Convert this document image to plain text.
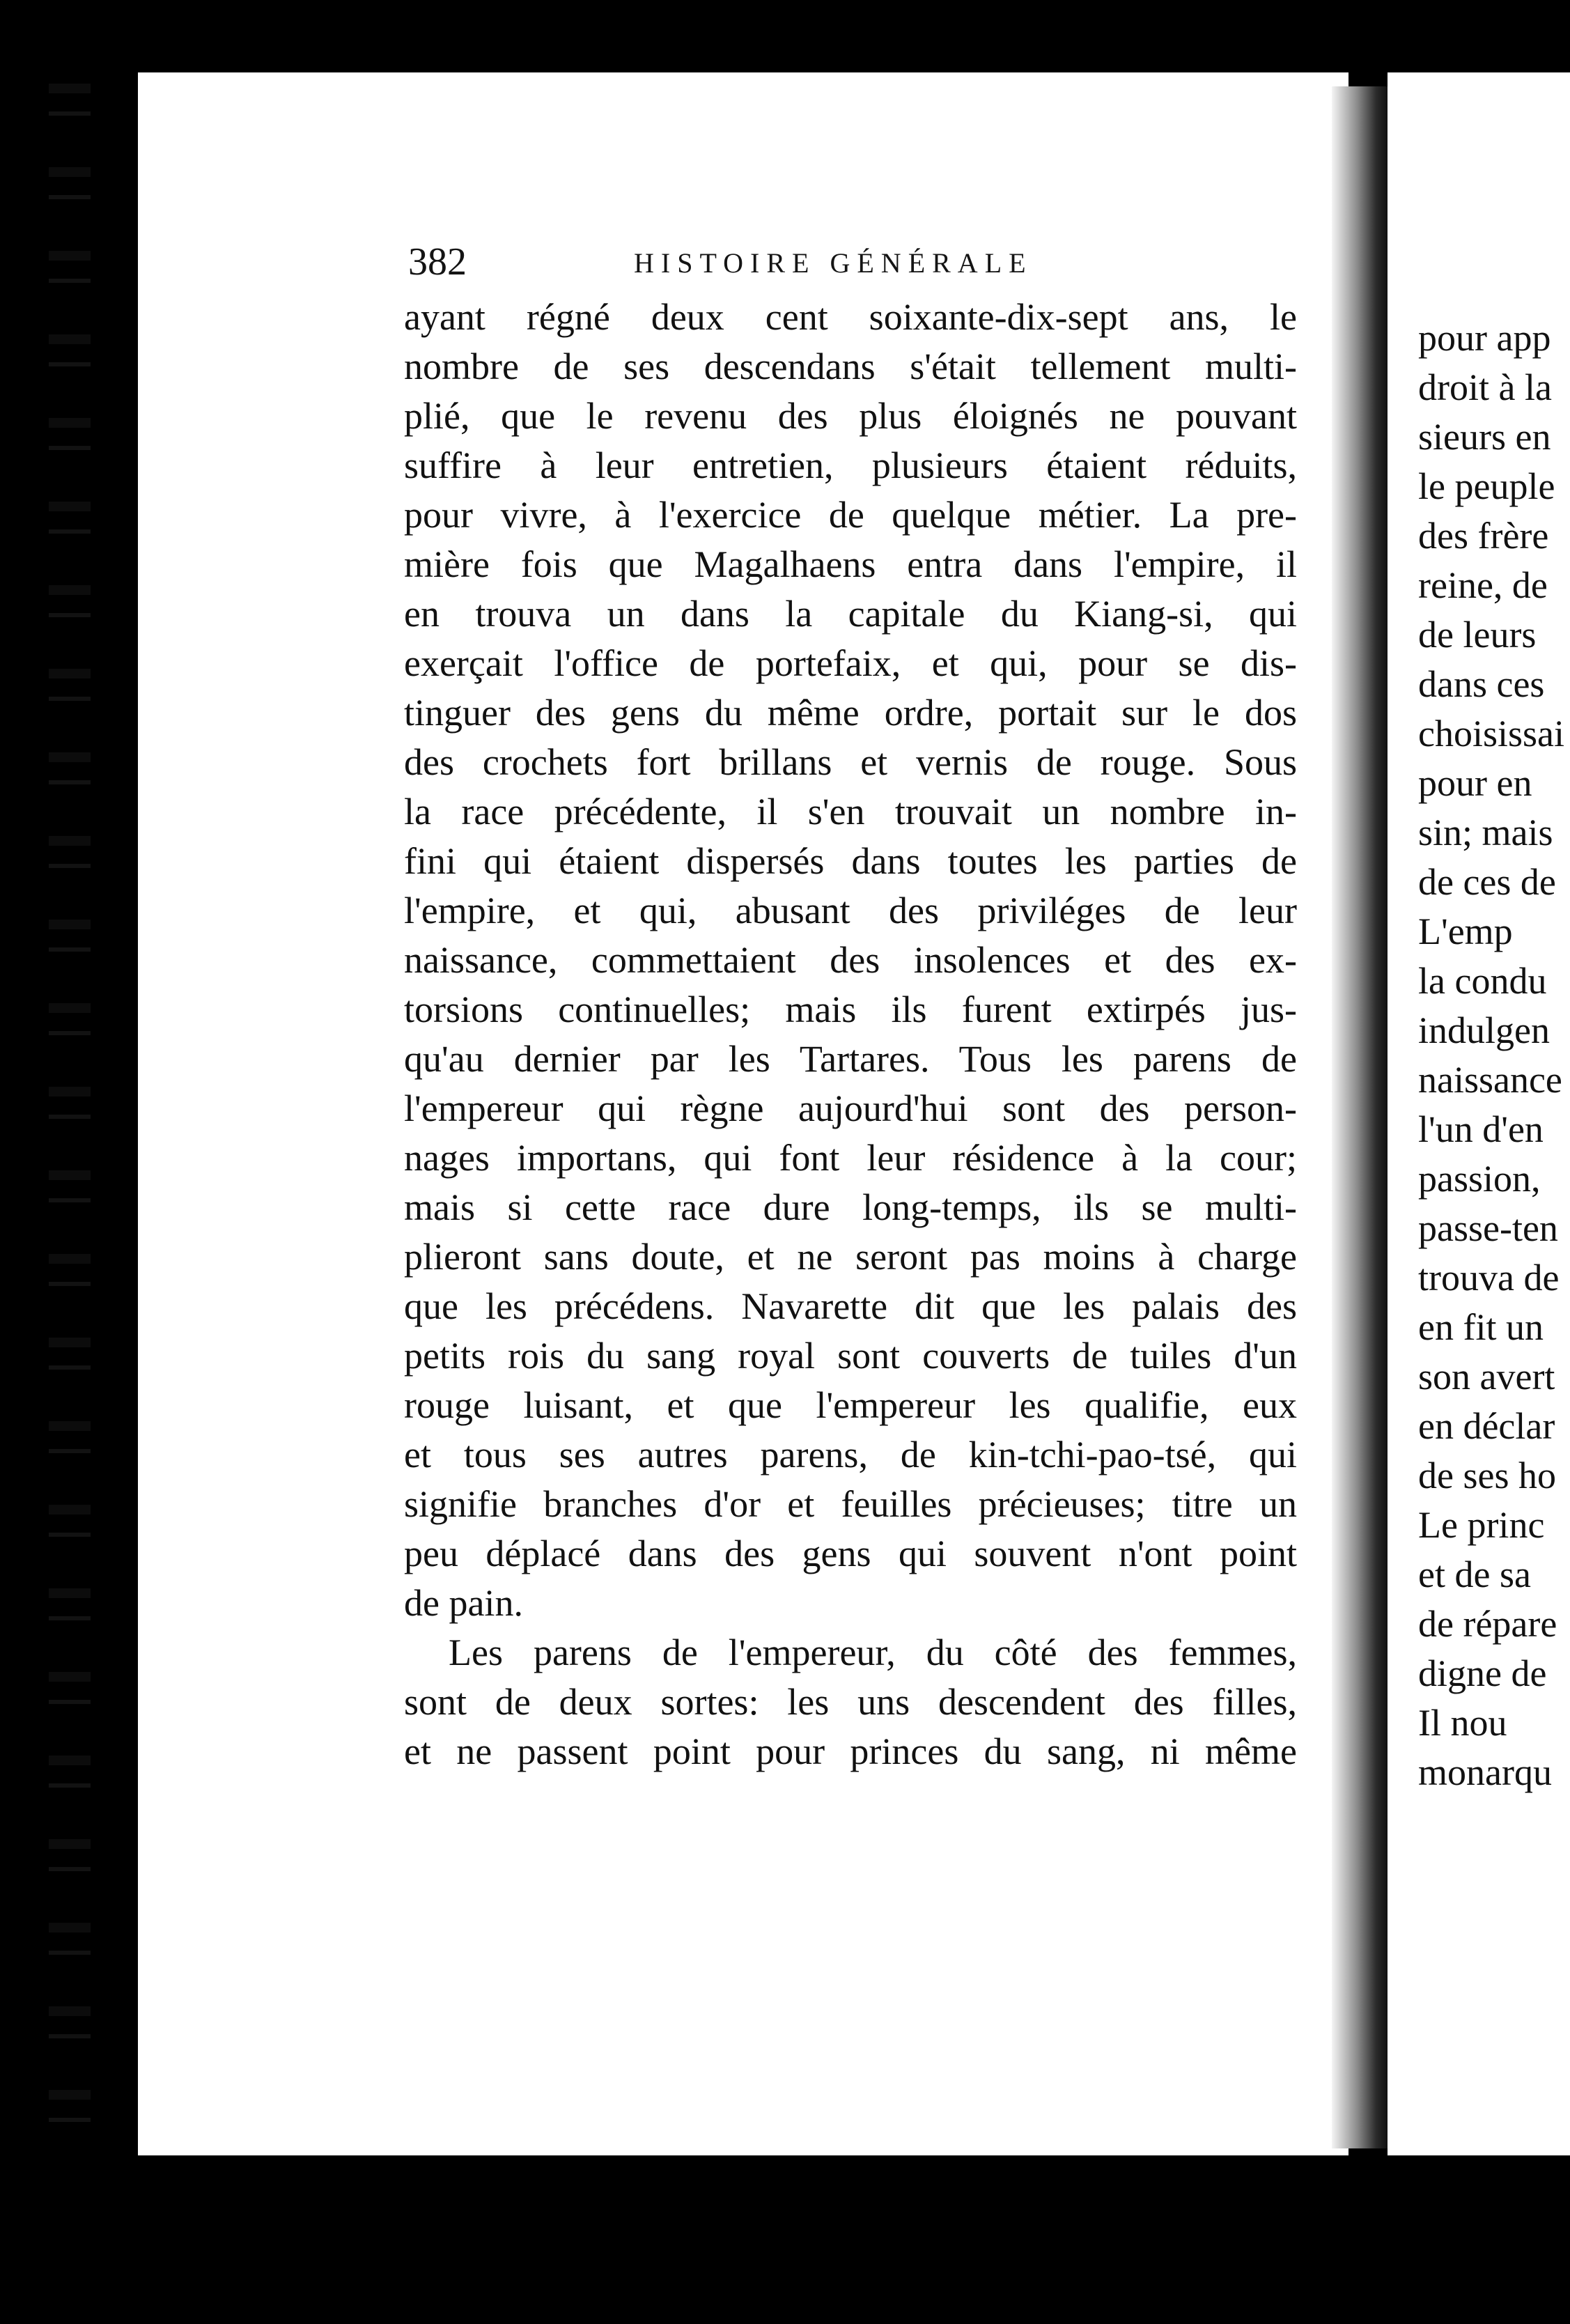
382	HISTOIRE GÉNÉRALE
ayant régné deux cent soixante-dix-sept ans, le
nombre de ses descendans s'était tellement multi-
plié, que le revenu des plus éloignés ne pouvant
suffire à leur entretien, plusieurs étaient réduits,
pour vivre, à l'exercice de quelque métier. La pre-
mière fois que Magalhaens entra dans l'empire, il
en trouva un dans la capitale du Kiang-si, qui
exerçait l'office de portefaix, et qui, pour se dis-
tinguer des gens du même ordre, portait sur le dos
des crochets fort brillans et vernis de rouge. Sous
la race précédente, il s'en trouvait un nombre in-
fini qui étaient dispersés dans toutes les parties de
l'empire, et qui, abusant des priviléges de leur
naissance, commettaient des insolences et des ex-
torsions continuelles; mais ils furent extirpés jus-
qu'au dernier par les Tartares. Tous les parens de
l'empereur qui règne aujourd'hui sont des person-
nages importans, qui font leur résidence à la cour;
mais si cette race dure long-temps, ils se multi-
plieront sans doute, et ne seront pas moins à charge
que les précédens. Navarette dit que les palais des
petits rois du sang royal sont couverts de tuiles d'un
rouge luisant, et que l'empereur les qualifie, eux
et tous ses autres parens, de kin-tchi-pao-tsé, qui
signifie branches d'or et feuilles précieuses; titre un
peu déplacé dans des gens qui souvent n'ont point
de pain.
Les parens de l'empereur, du côté des femmes,
sont de deux sortes: les uns descendent des filles,
et ne passent point pour princes du sang, ni même
pour app
droit à la
sieurs en
le peuple
des frère
reine, de
de leurs
dans ces
choisissai
pour en
sin; mais
de ces de
L'emp
la condu
indulgen
naissance
l'un d'en
passion,
passe-ten
trouva de
en fit un
son avert
en déclar
de ses ho
Le princ
et de sa
de répare
digne de
Il nou
monarqu
